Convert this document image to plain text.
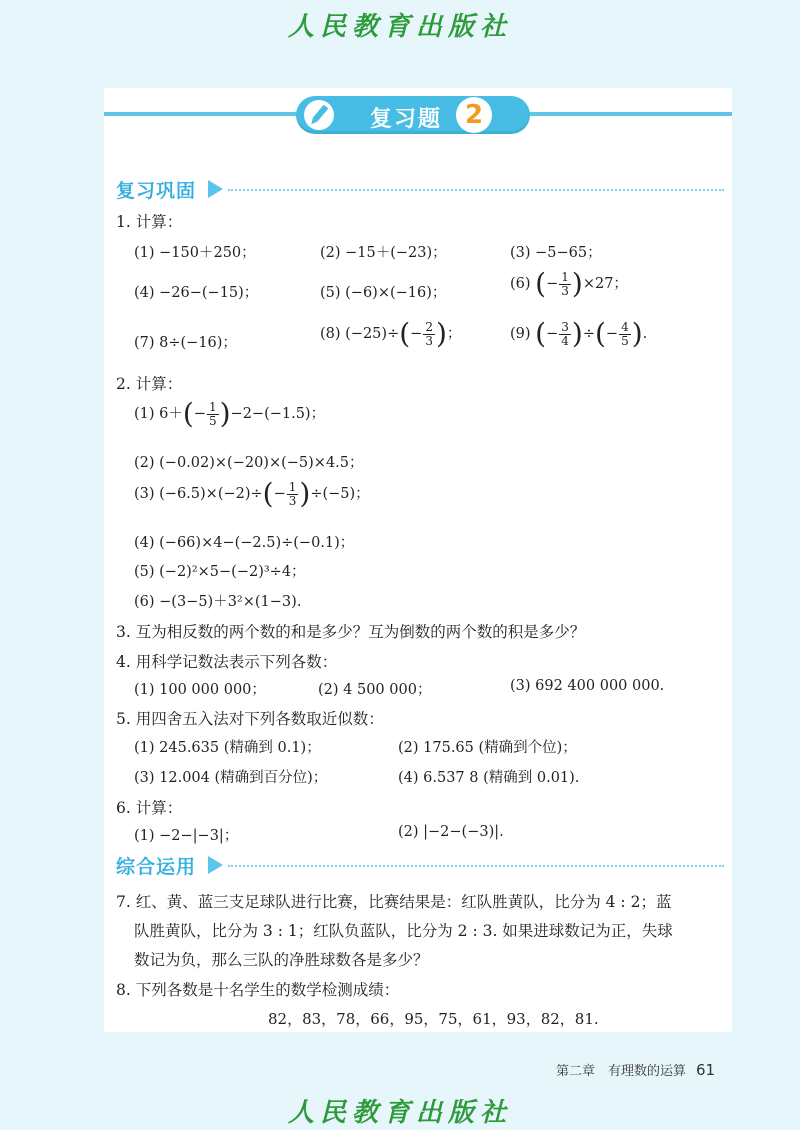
人民教育出版社
复习题 2
复习巩固
1. 计算：
(1) −150＋250；	(2) −15＋(−23)；	(3) −5−65；
(4) −26−(−15)；	(5) (−6)×(−16)；
(6) (− $\frac{1}{3} )\times 27$；
(7) 8÷(−16)；
(8) $(-25)\div(- \frac{2}{3}$ )；	(9) (− $\frac{3}{4}$ )÷(− $\frac{4}{5}$ ).
2. 计算：
(1) $6+(- \frac{1}{5} )-2-(-1.5)$；
(2) (−0.02)×(−20)×(−5)×4.5；
(3) $(-6.5)\times(-2)\div(- \frac{1}{3} )\div(-5)$；
(4) (−66)×4−(−2.5)÷(−0.1)；
(5) (−2)²×5−(−2)³÷4；
(6) −(3−5)＋3²×(1−3).
3. 互为相反数的两个数的和是多少？互为倒数的两个数的积是多少？
4. 用科学记数法表示下列各数：
(1) 100 000 000；	(2) 4 500 000；	(3) 692 400 000 000.
5. 用四舍五入法对下列各数取近似数：
(1) 245.635 (精确到 0.1)；	(2) 175.65 (精确到个位)；
(3) 12.004 (精确到百分位)；	(4) 6.537 8 (精确到 0.01).
6. 计算：
(1) −2−|−3|；	(2) |−2−(−3)|.
综合运用
7. 红、黄、蓝三支足球队进行比赛，比赛结果是：红队胜黄队，比分为 4 : 2；蓝
队胜黄队，比分为 3 : 1；红队负蓝队，比分为 2 : 3. 如果进球数记为正，失球
数记为负，那么三队的净胜球数各是多少？
8. 下列各数是十名学生的数学检测成绩：
82，83，78，66，95，75，61，93，82，81.
第二章　有理数的运算 61
人民教育出版社
